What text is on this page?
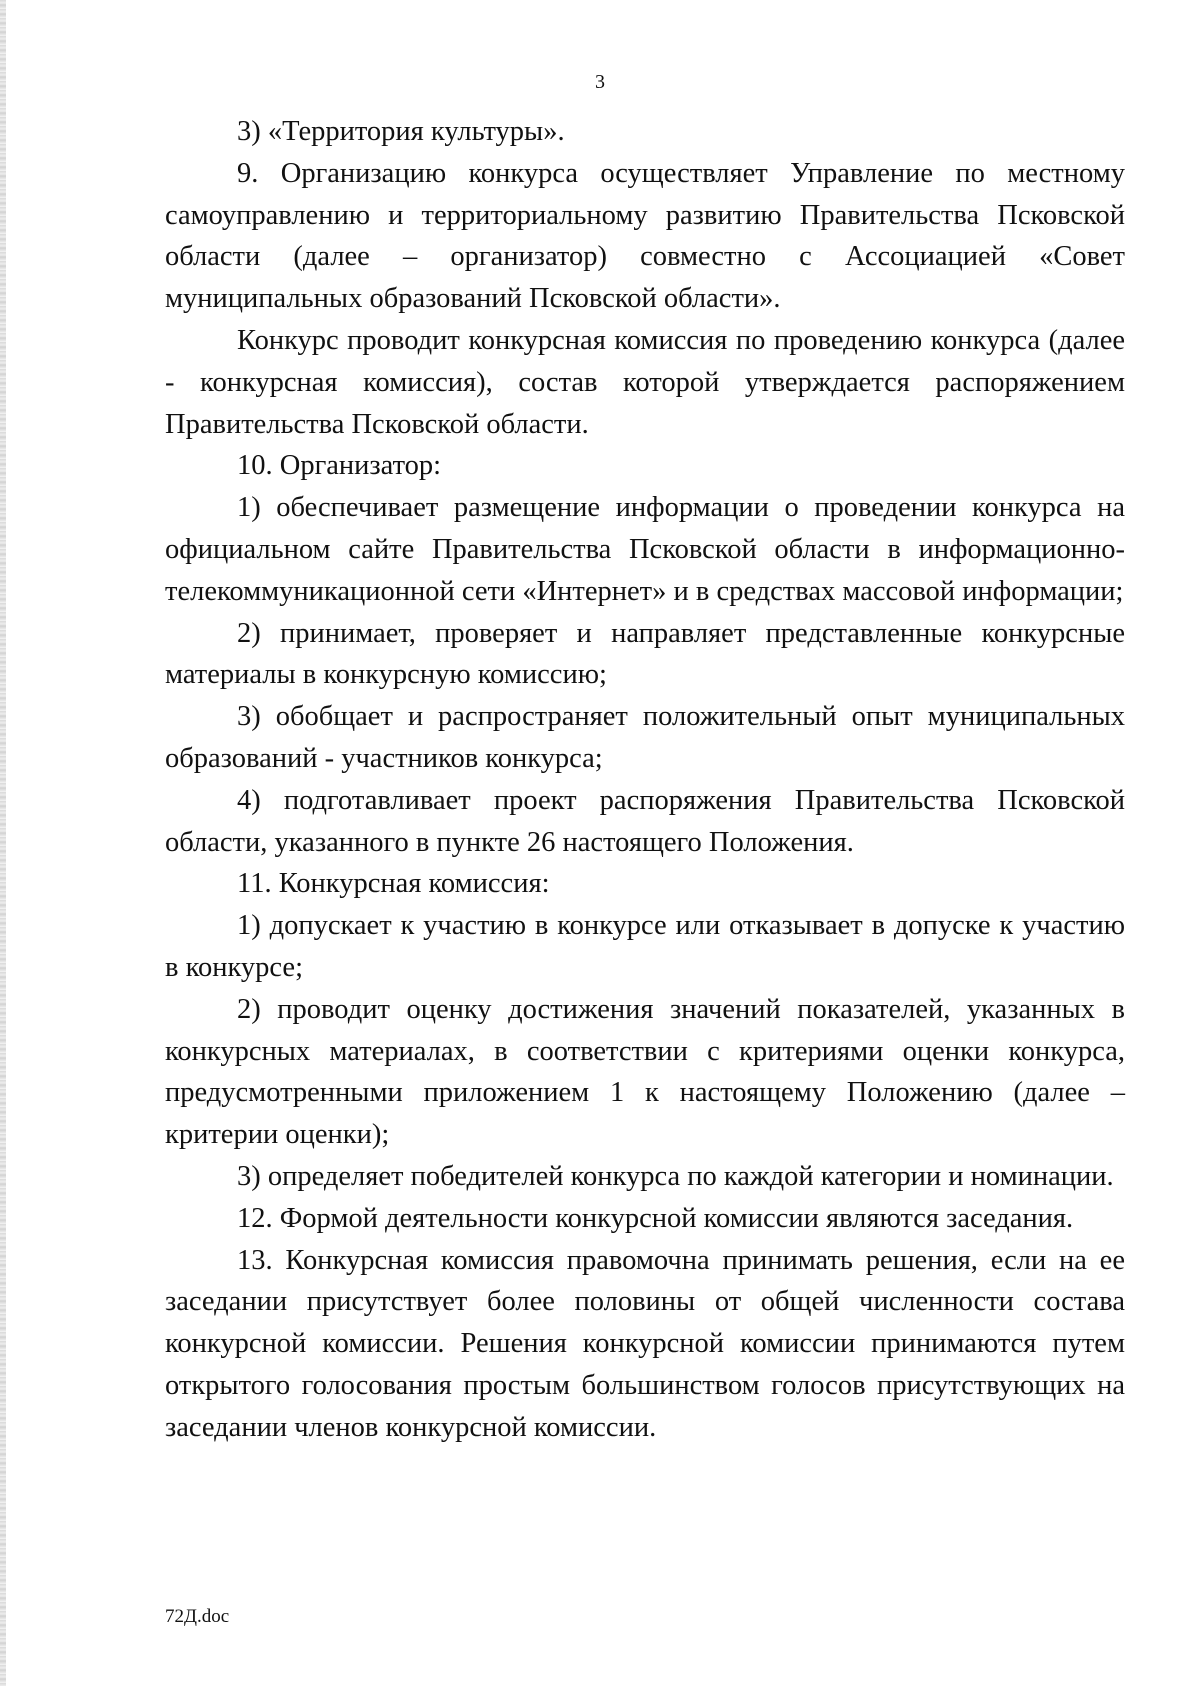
3

3) «Территория культуры».

9. Организацию конкурса осуществляет Управление по местному самоуправлению и территориальному развитию Правительства Псковской области (далее – организатор) совместно с Ассоциацией «Совет муниципальных образований Псковской области».

Конкурс проводит конкурсная комиссия по проведению конкурса (далее - конкурсная комиссия), состав которой утверждается распоряжением Правительства Псковской области.

10. Организатор:

1) обеспечивает размещение информации о проведении конкурса на официальном сайте Правительства Псковской области в информационно-телекоммуникационной сети «Интернет» и в средствах массовой информации;

2) принимает, проверяет и направляет представленные конкурсные материалы в конкурсную комиссию;

3) обобщает и распространяет положительный опыт муниципальных образований - участников конкурса;

4) подготавливает проект распоряжения Правительства Псковской области, указанного в пункте 26 настоящего Положения.

11. Конкурсная комиссия:

1) допускает к участию в конкурсе или отказывает в допуске к участию в конкурсе;

2) проводит оценку достижения значений показателей, указанных в конкурсных материалах, в соответствии с критериями оценки конкурса, предусмотренными приложением 1 к настоящему Положению (далее – критерии оценки);

3) определяет победителей конкурса по каждой категории и номинации.

12. Формой деятельности конкурсной комиссии являются заседания.

13. Конкурсная комиссия правомочна принимать решения, если на ее заседании присутствует более половины от общей численности состава конкурсной комиссии. Решения конкурсной комиссии принимаются путем открытого голосования простым большинством голосов присутствующих на заседании членов конкурсной комиссии.

72Д.doc
